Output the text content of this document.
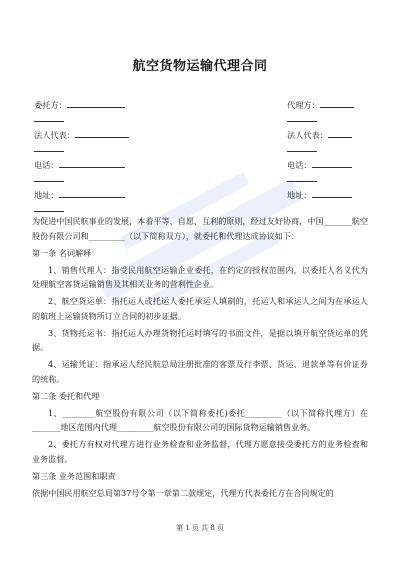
航空货物运输代理合同
委托方：
法人代表：
电话：
地址：
代理方：
法人代表：
电话：
地址：

为促进中国民航事业的发展，本着平等、自愿、互利的原则，经过友好协商，中国_______航空股份有限公司和_________（以下简称双方），就委托和代理达成协议如下：

第一条 名词解释

1、销售代理人：指受民用航空运输企业委托，在约定的授权范围内，以委托人名义代为处理航空客货运输销售及其相关业务的营利性企业。

2、航空货运单：指托运人或托运人委托承运人填制的，托运人和承运人之间为在承运人的航班上运输货物所订立合同的初步证据。

3、货物托运书：指托运人办理货物托运时填写的书面文件，是据以填开航空货运单的凭据。

4、运输凭证：指承运人经民航总局注册批准的客票及行李票、货运、退款单等有价证券的统称。

第二条 委托和代理

1、________航空股份有限公司（以下简称委托)委托_________（以下简称代理方）在_______地区范围内代理_________航空股份有限公司的国际货物运输销售业务。

2、委托方有权对代理方进行业务检查和业务监督，代理方愿意接受委托方的业务检查和业务监督。

第三条 业务范围和职责

依据中国民用航空总局第37号令第一章第二款规定，代理方代表委托方在合同规定的

第 1 页 共 8 页
